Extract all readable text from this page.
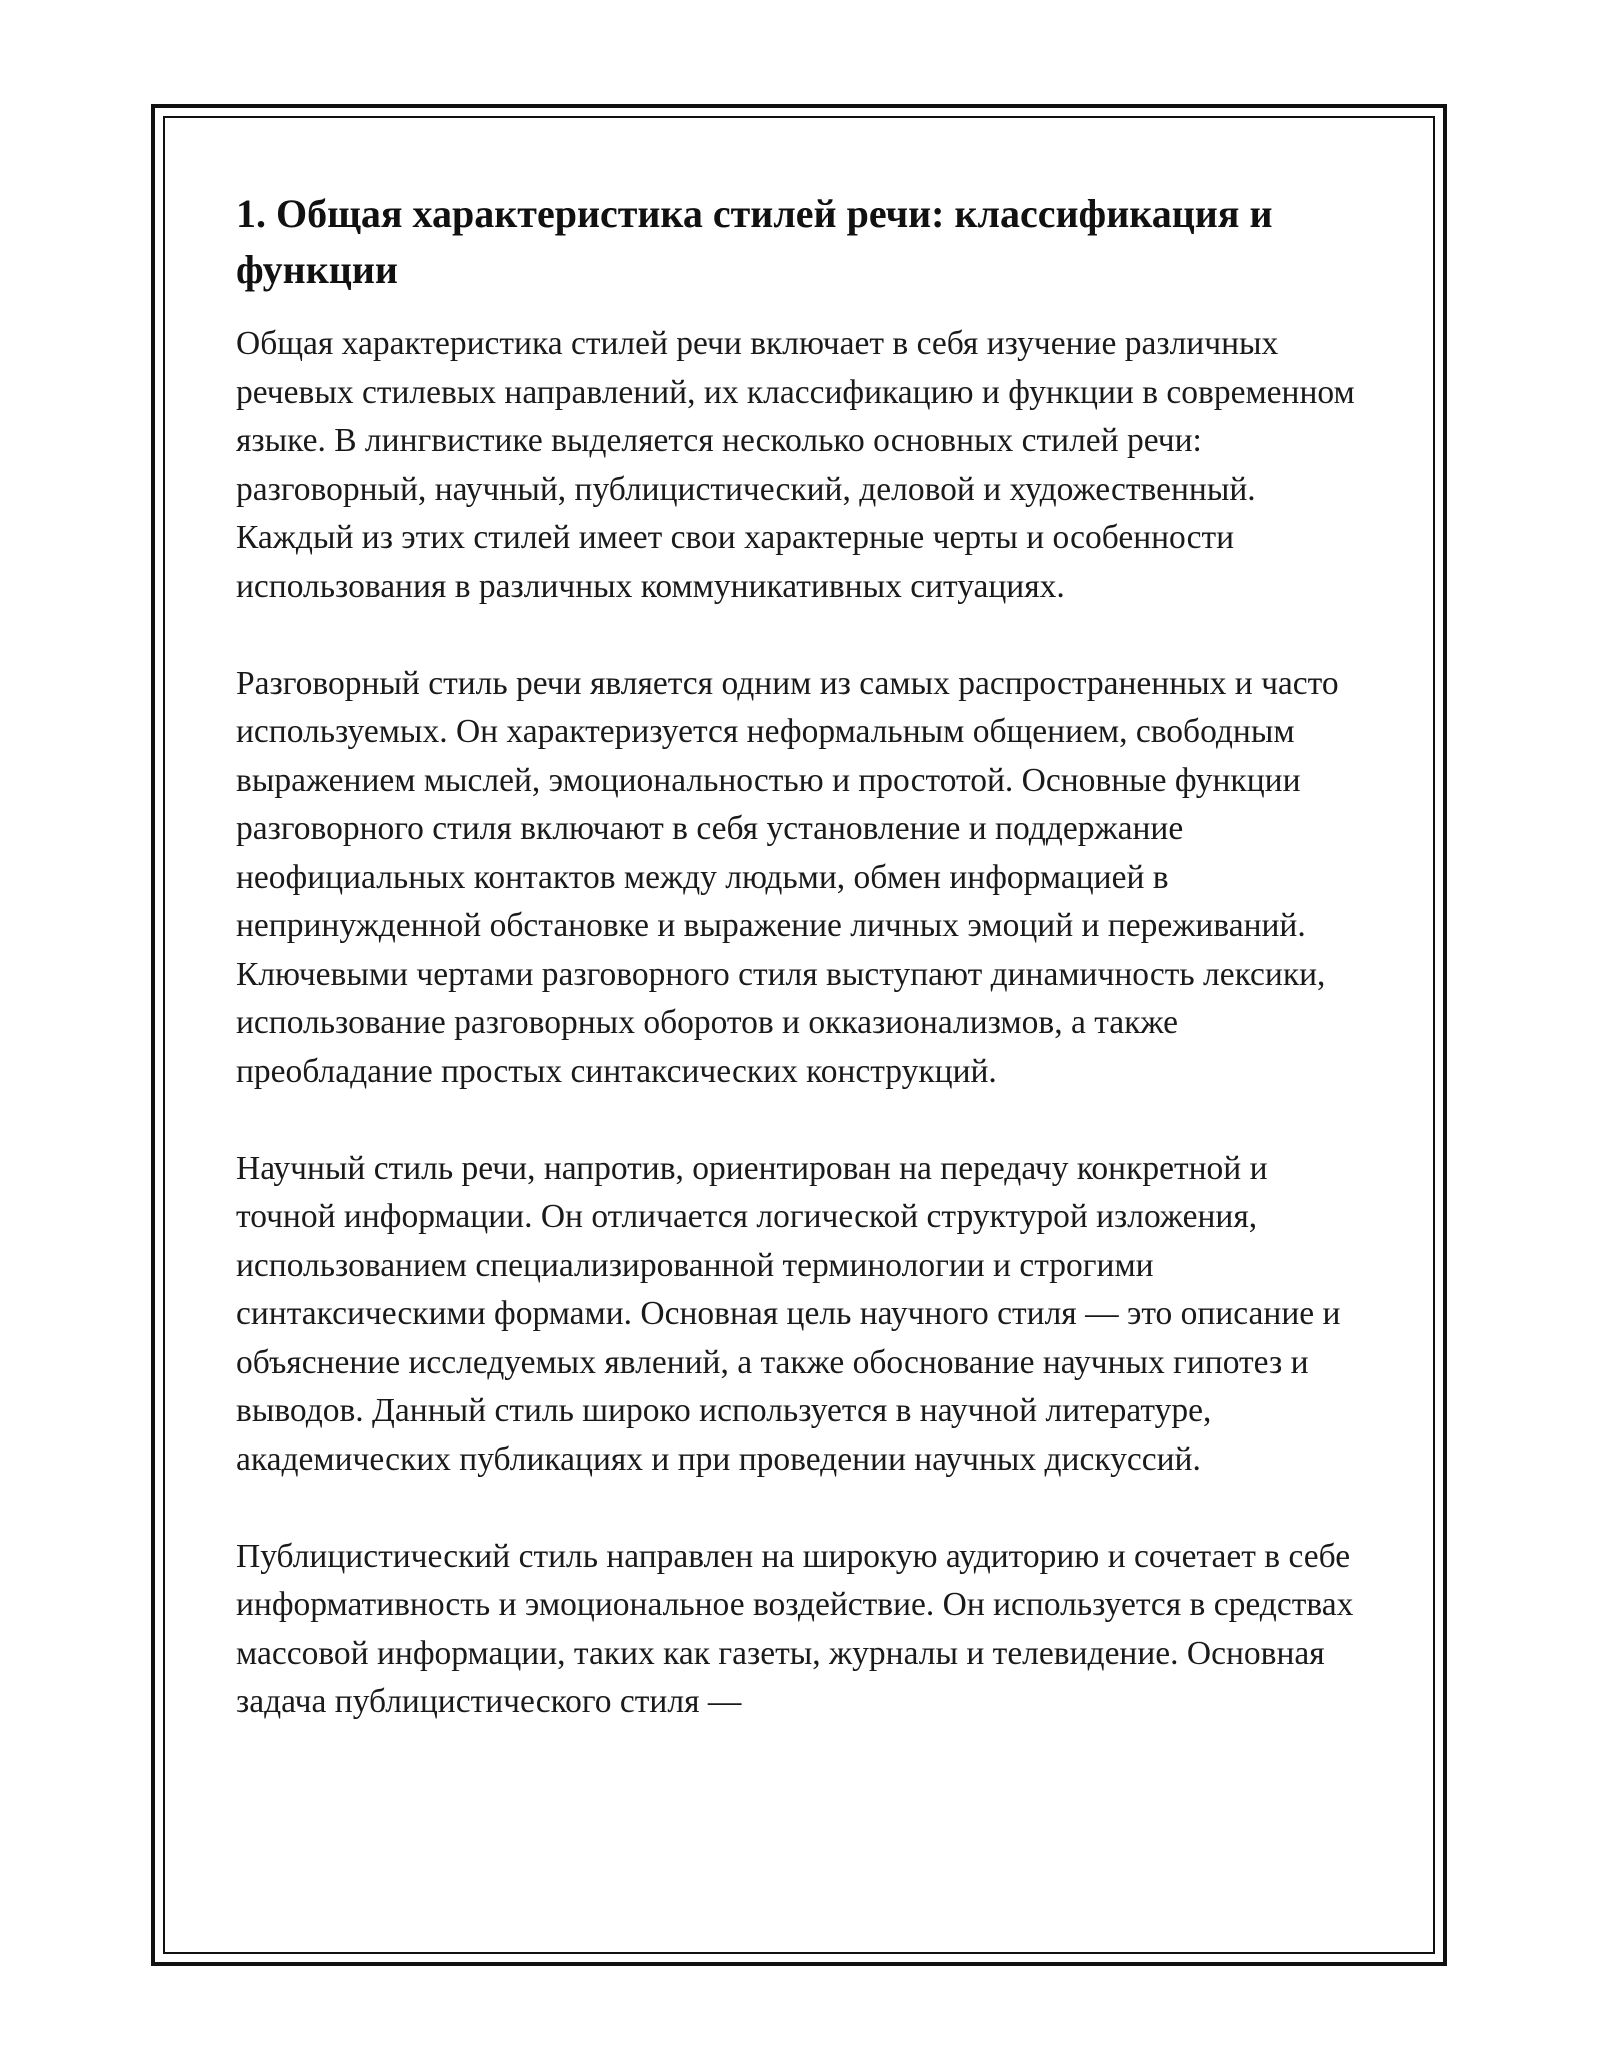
1. Общая характеристика стилей речи: классификация и функции

Общая характеристика стилей речи включает в себя изучение различных речевых стилевых направлений, их классификацию и функции в современном языке. В лингвистике выделяется несколько основных стилей речи: разговорный, научный, публицистический, деловой и художественный. Каждый из этих стилей имеет свои характерные черты и особенности использования в различных коммуникативных ситуациях.

Разговорный стиль речи является одним из самых распространенных и часто используемых. Он характеризуется неформальным общением, свободным выражением мыслей, эмоциональностью и простотой. Основные функции разговорного стиля включают в себя установление и поддержание неофициальных контактов между людьми, обмен информацией в непринужденной обстановке и выражение личных эмоций и переживаний. Ключевыми чертами разговорного стиля выступают динамичность лексики, использование разговорных оборотов и окказионализмов, а также преобладание простых синтаксических конструкций.

Научный стиль речи, напротив, ориентирован на передачу конкретной и точной информации. Он отличается логической структурой изложения, использованием специализированной терминологии и строгими синтаксическими формами. Основная цель научного стиля — это описание и объяснение исследуемых явлений, а также обоснование научных гипотез и выводов. Данный стиль широко используется в научной литературе, академических публикациях и при проведении научных дискуссий.

Публицистический стиль направлен на широкую аудиторию и сочетает в себе информативность и эмоциональное воздействие. Он используется в средствах массовой информации, таких как газеты, журналы и телевидение. Основная задача публицистического стиля —
